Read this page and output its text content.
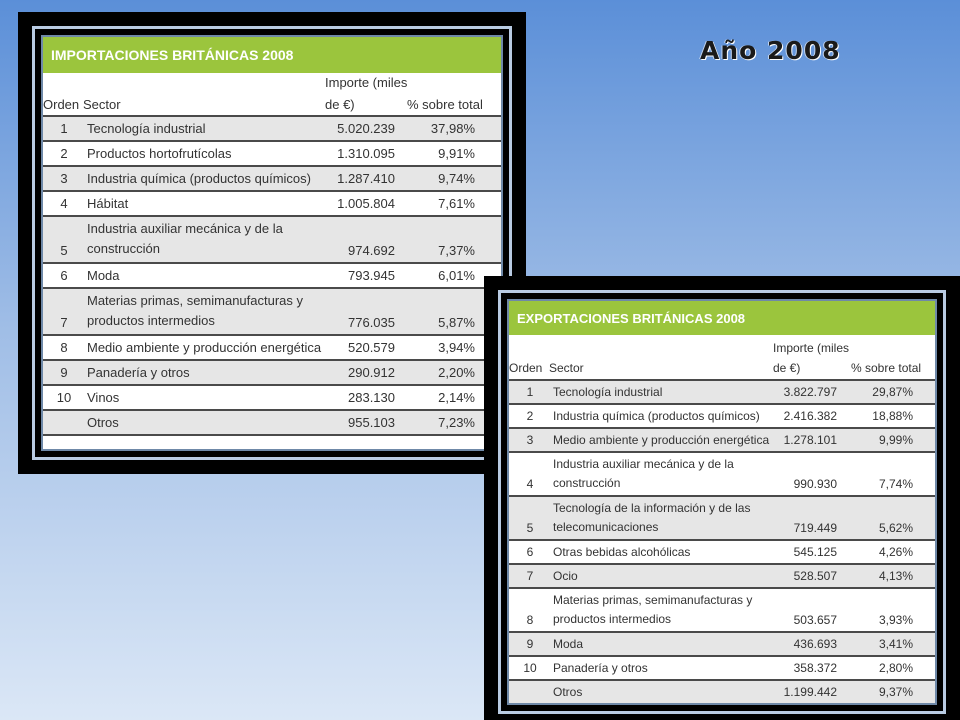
Año 2008
IMPORTACIONES BRITÁNICAS 2008
Orden Sector
Importe (miles
de €)	% sobre total
1	Tecnología industrial	5.020.239	37,98%
2	Productos hortofrutícolas	1.310.095	9,91%
3	Industria química (productos químicos)	1.287.410	9,74%
4	Hábitat	1.005.804	7,61%
5
Industria auxiliar mecánica y de la
construcción	974.692	7,37%
6	Moda	793.945	6,01%
7
Materias primas, semimanufacturas y
productos intermedios	776.035	5,87%
8	Medio ambiente y producción energética	520.579	3,94%
9	Panadería y otros	290.912	2,20%
10	Vinos	283.130	2,14%
Otros	955.103	7,23%
EXPORTACIONES BRITÁNICAS 2008
Orden Sector
Importe (miles
de €)	% sobre total
1	Tecnología industrial	3.822.797	29,87%
2	Industria química (productos químicos)	2.416.382	18,88%
3	Medio ambiente y producción energética	1.278.101	9,99%
4
Industria auxiliar mecánica y de la
construcción	990.930	7,74%
5
Tecnología de la información y de las
telecomunicaciones	719.449	5,62%
6	Otras bebidas alcohólicas	545.125	4,26%
7	Ocio	528.507	4,13%
8
Materias primas, semimanufacturas y
productos intermedios	503.657	3,93%
9	Moda	436.693	3,41%
10	Panadería y otros	358.372	2,80%
Otros	1.199.442	9,37%
